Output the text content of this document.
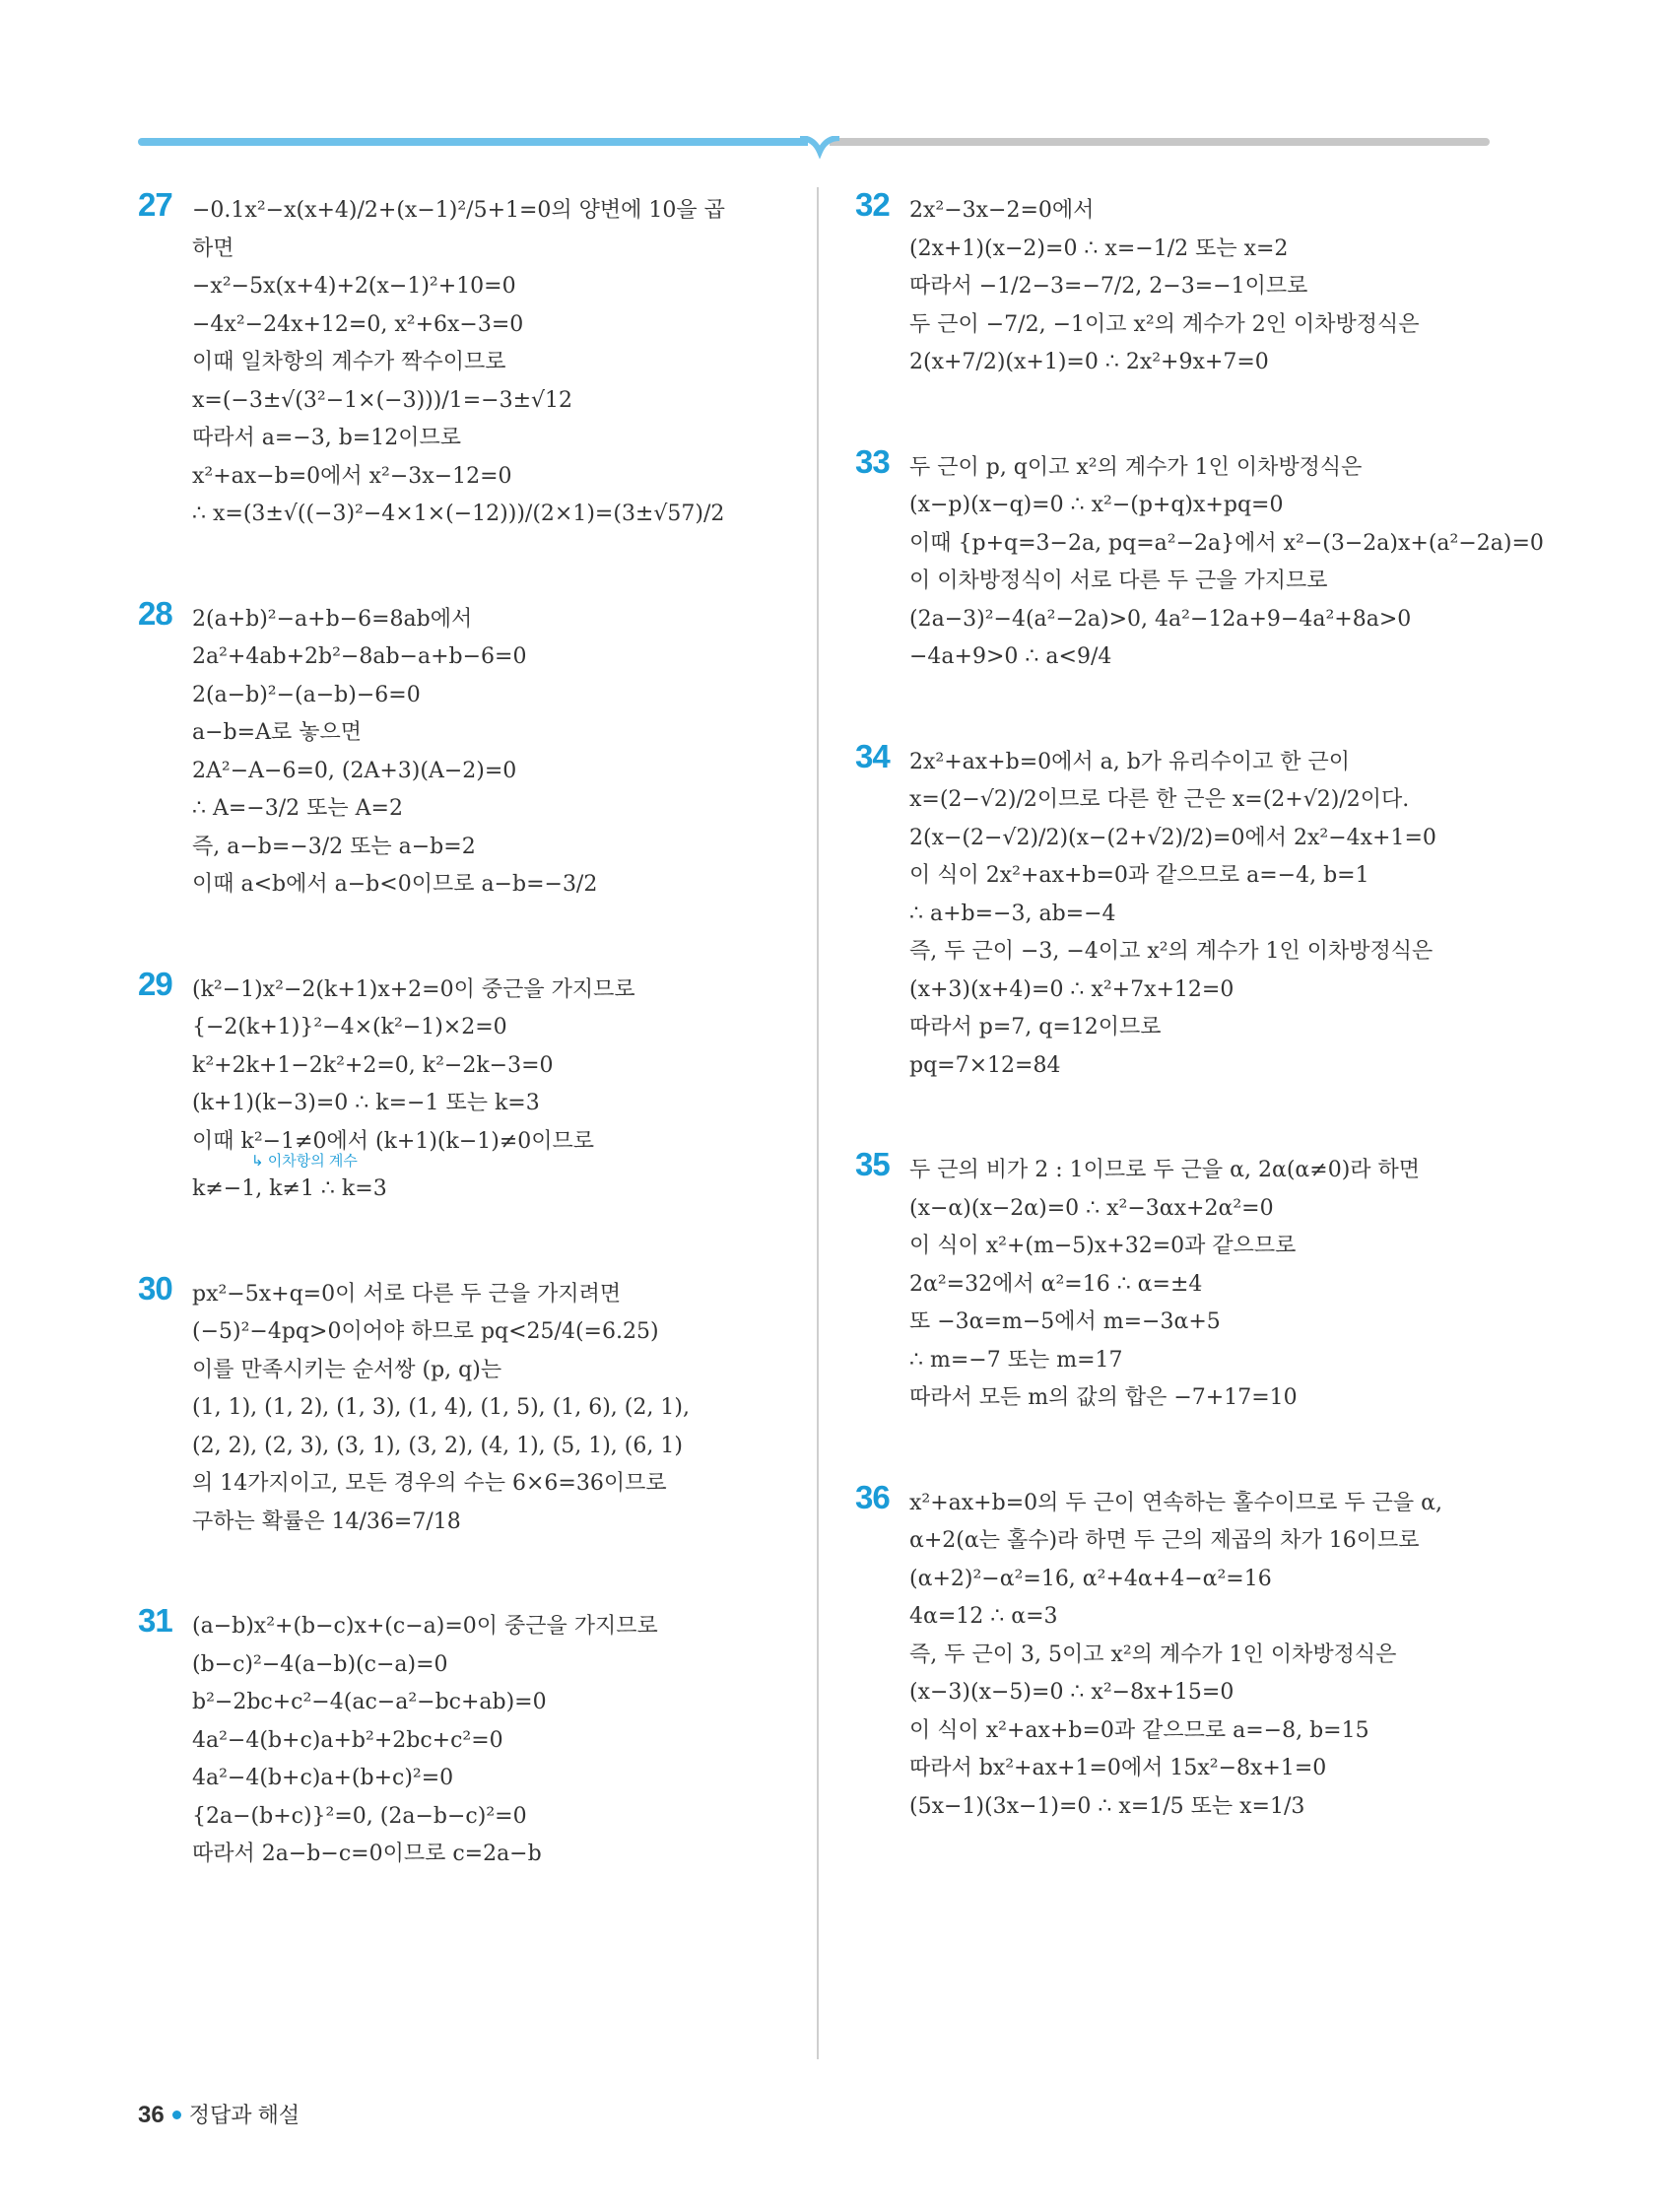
27 −0.1x²−x(x+4)/2+(x−1)²/5+1=0의 양변에 10을 곱
하면
−x²−5x(x+4)+2(x−1)²+10=0
−4x²−24x+12=0, x²+6x−3=0
이때 일차항의 계수가 짝수이므로
x=(−3±√(3²−1×(−3)))/1=−3±√12
따라서 a=−3, b=12이므로
x²+ax−b=0에서 x²−3x−12=0
∴ x=(3±√((−3)²−4×1×(−12)))/(2×1)=(3±√57)/2
28 2(a+b)²−a+b−6=8ab에서
2a²+4ab+2b²−8ab−a+b−6=0
2(a−b)²−(a−b)−6=0
a−b=A로 놓으면
2A²−A−6=0, (2A+3)(A−2)=0
∴ A=−3/2 또는 A=2
즉, a−b=−3/2 또는 a−b=2
이때 a<b에서 a−b<0이므로 a−b=−3/2
29 (k²−1)x²−2(k+1)x+2=0이 중근을 가지므로
{−2(k+1)}²−4×(k²−1)×2=0
k²+2k+1−2k²+2=0, k²−2k−3=0
(k+1)(k−3)=0 ∴ k=−1 또는 k=3
이때 k²−1≠0에서 (k+1)(k−1)≠0이므로
↳ 이차항의 계수
k≠−1, k≠1 ∴ k=3
30 px²−5x+q=0이 서로 다른 두 근을 가지려면
(−5)²−4pq>0이어야 하므로 pq<25/4(=6.25)
이를 만족시키는 순서쌍 (p, q)는
(1, 1), (1, 2), (1, 3), (1, 4), (1, 5), (1, 6), (2, 1),
(2, 2), (2, 3), (3, 1), (3, 2), (4, 1), (5, 1), (6, 1)
의 14가지이고, 모든 경우의 수는 6×6=36이므로
구하는 확률은 14/36=7/18
31 (a−b)x²+(b−c)x+(c−a)=0이 중근을 가지므로
(b−c)²−4(a−b)(c−a)=0
b²−2bc+c²−4(ac−a²−bc+ab)=0
4a²−4(b+c)a+b²+2bc+c²=0
4a²−4(b+c)a+(b+c)²=0
{2a−(b+c)}²=0, (2a−b−c)²=0
따라서 2a−b−c=0이므로 c=2a−b
32 2x²−3x−2=0에서
(2x+1)(x−2)=0 ∴ x=−1/2 또는 x=2
따라서 −1/2−3=−7/2, 2−3=−1이므로
두 근이 −7/2, −1이고 x²의 계수가 2인 이차방정식은
2(x+7/2)(x+1)=0 ∴ 2x²+9x+7=0
33 두 근이 p, q이고 x²의 계수가 1인 이차방정식은
(x−p)(x−q)=0 ∴ x²−(p+q)x+pq=0
이때 {p+q=3−2a, pq=a²−2a}에서 x²−(3−2a)x+(a²−2a)=0
이 이차방정식이 서로 다른 두 근을 가지므로
(2a−3)²−4(a²−2a)>0, 4a²−12a+9−4a²+8a>0
−4a+9>0 ∴ a<9/4
34 2x²+ax+b=0에서 a, b가 유리수이고 한 근이
x=(2−√2)/2이므로 다른 한 근은 x=(2+√2)/2이다.
2(x−(2−√2)/2)(x−(2+√2)/2)=0에서 2x²−4x+1=0
이 식이 2x²+ax+b=0과 같으므로 a=−4, b=1
∴ a+b=−3, ab=−4
즉, 두 근이 −3, −4이고 x²의 계수가 1인 이차방정식은
(x+3)(x+4)=0 ∴ x²+7x+12=0
따라서 p=7, q=12이므로
pq=7×12=84
35 두 근의 비가 2 : 1이므로 두 근을 α, 2α(α≠0)라 하면
(x−α)(x−2α)=0 ∴ x²−3αx+2α²=0
이 식이 x²+(m−5)x+32=0과 같으므로
2α²=32에서 α²=16 ∴ α=±4
또 −3α=m−5에서 m=−3α+5
∴ m=−7 또는 m=17
따라서 모든 m의 값의 합은 −7+17=10
36 x²+ax+b=0의 두 근이 연속하는 홀수이므로 두 근을 α,
α+2(α는 홀수)라 하면 두 근의 제곱의 차가 16이므로
(α+2)²−α²=16, α²+4α+4−α²=16
4α=12 ∴ α=3
즉, 두 근이 3, 5이고 x²의 계수가 1인 이차방정식은
(x−3)(x−5)=0 ∴ x²−8x+15=0
이 식이 x²+ax+b=0과 같으므로 a=−8, b=15
따라서 bx²+ax+1=0에서 15x²−8x+1=0
(5x−1)(3x−1)=0 ∴ x=1/5 또는 x=1/3
36 정답과 해설
